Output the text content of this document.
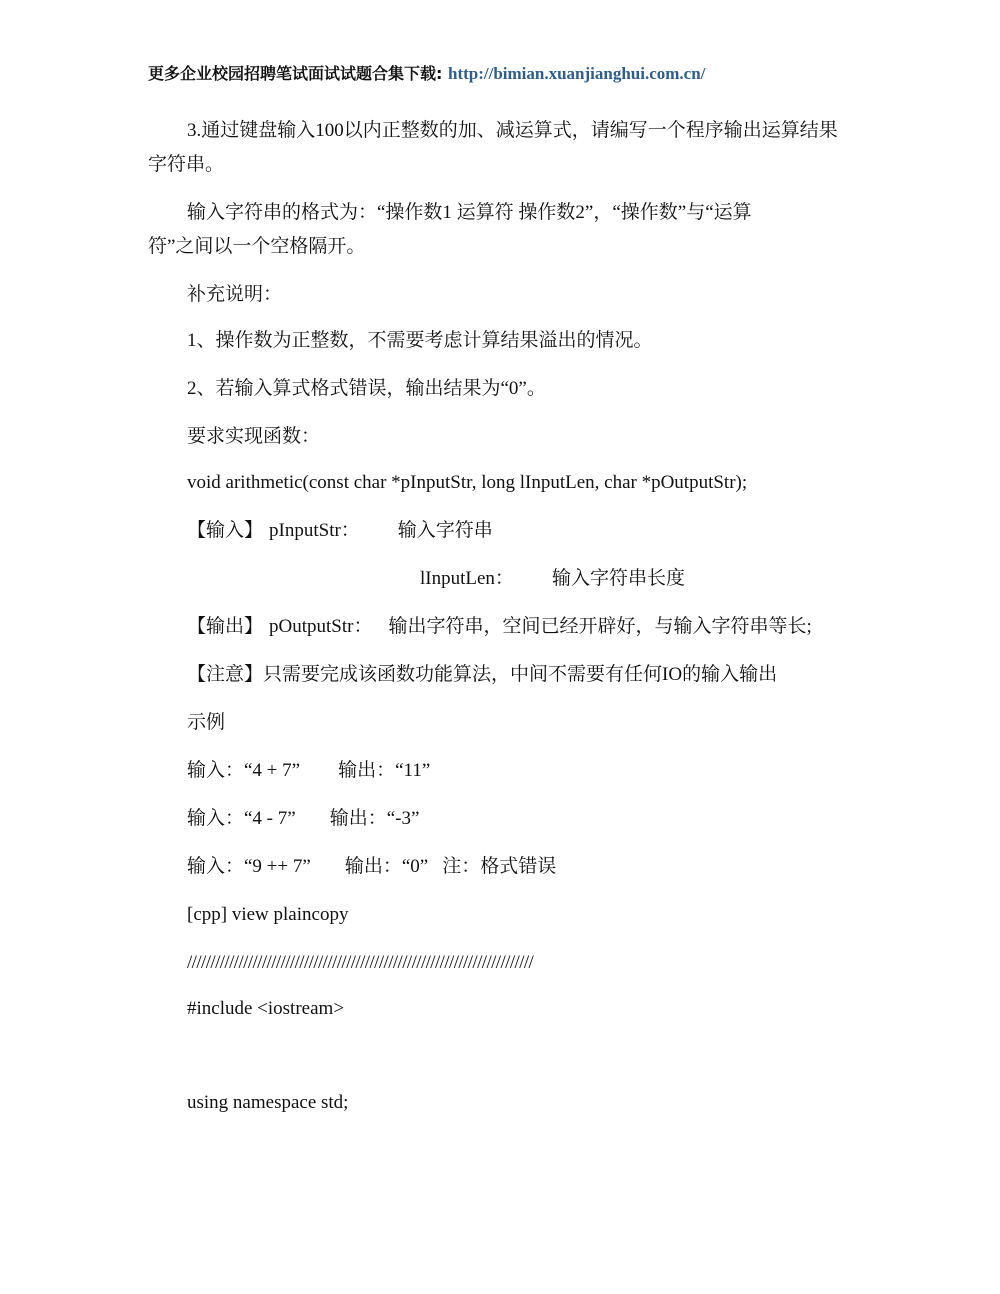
更多企业校园招聘笔试面试试题合集下载: http://bimian.xuanjianghui.com.cn/
3.通过键盘输入100以内正整数的加、减运算式，请编写一个程序输出运算结果
字符串。
输入字符串的格式为：“操作数1 运算符 操作数2”，“操作数”与“运算
符”之间以一个空格隔开。
补充说明：
1、操作数为正整数，不需要考虑计算结果溢出的情况。
2、若输入算式格式错误，输出结果为“0”。
要求实现函数：
void arithmetic(const char *pInputStr, long lInputLen, char *pOutputStr);
【输入】 pInputStr： 输入字符串
lInputLen： 输入字符串长度
【输出】 pOutputStr： 输出字符串，空间已经开辟好，与输入字符串等长;
【注意】只需要完成该函数功能算法，中间不需要有任何IO的输入输出
示例
输入：“4 + 7” 输出：“11”
输入：“4 - 7” 输出：“-3”
输入：“9 ++ 7” 输出：“0” 注：格式错误
[cpp] view plaincopy
//////////////////////////////////////////////////////////////////////////
#include <iostream>
using namespace std;
